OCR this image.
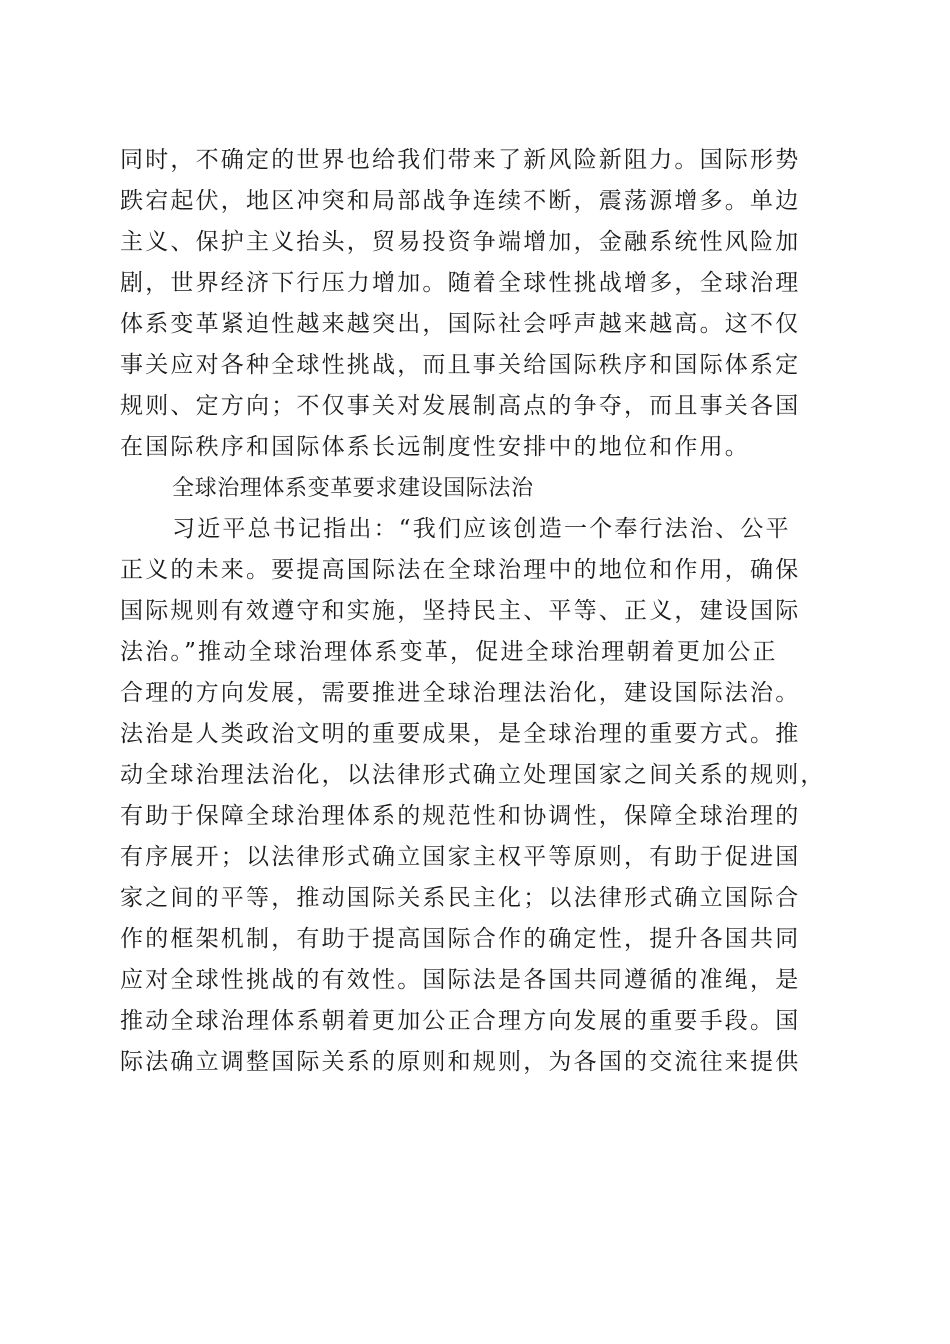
同时，不确定的世界也给我们带来了新风险新阻力。国际形势
跌宕起伏，地区冲突和局部战争连续不断，震荡源增多。单边
主义、保护主义抬头，贸易投资争端增加，金融系统性风险加
剧，世界经济下行压力增加。随着全球性挑战增多，全球治理
体系变革紧迫性越来越突出，国际社会呼声越来越高。这不仅
事关应对各种全球性挑战，而且事关给国际秩序和国际体系定
规则、定方向；不仅事关对发展制高点的争夺，而且事关各国
在国际秩序和国际体系长远制度性安排中的地位和作用。
全球治理体系变革要求建设国际法治
习近平总书记指出：“我们应该创造一个奉行法治、公平
正义的未来。要提高国际法在全球治理中的地位和作用，确保
国际规则有效遵守和实施，坚持民主、平等、正义，建设国际
法治。”推动全球治理体系变革，促进全球治理朝着更加公正
合理的方向发展，需要推进全球治理法治化，建设国际法治。
法治是人类政治文明的重要成果，是全球治理的重要方式。推
动全球治理法治化，以法律形式确立处理国家之间关系的规则，
有助于保障全球治理体系的规范性和协调性，保障全球治理的
有序展开；以法律形式确立国家主权平等原则，有助于促进国
家之间的平等，推动国际关系民主化；以法律形式确立国际合
作的框架机制，有助于提高国际合作的确定性，提升各国共同
应对全球性挑战的有效性。国际法是各国共同遵循的准绳，是
推动全球治理体系朝着更加公正合理方向发展的重要手段。国
际法确立调整国际关系的原则和规则，为各国的交流往来提供
